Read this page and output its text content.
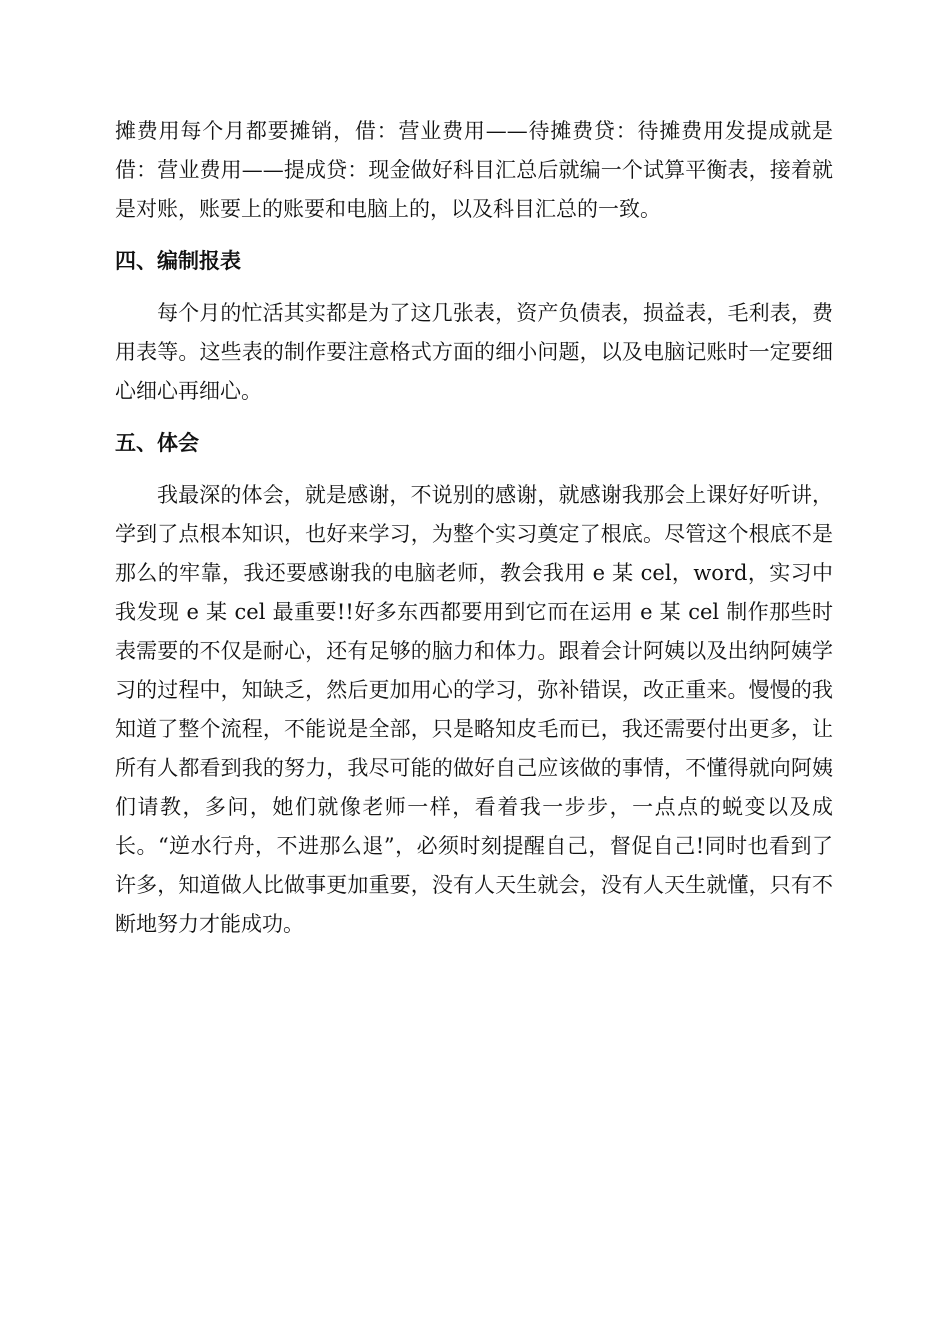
摊费用每个月都要摊销，借：营业费用——待摊费贷：待摊费用发提成就是借：营业费用——提成贷：现金做好科目汇总后就编一个试算平衡表，接着就是对账，账要上的账要和电脑上的，以及科目汇总的一致。

四、编制报表

每个月的忙活其实都是为了这几张表，资产负债表，损益表，毛利表，费用表等。这些表的制作要注意格式方面的细小问题，以及电脑记账时一定要细心细心再细心。

五、体会

我最深的体会，就是感谢，不说别的感谢，就感谢我那会上课好好听讲，学到了点根本知识，也好来学习，为整个实习奠定了根底。尽管这个根底不是那么的牢靠，我还要感谢我的电脑老师，教会我用 e 某 cel，word，实习中我发现 e 某 cel 最重要!!好多东西都要用到它而在运用 e 某 cel 制作那些时表需要的不仅是耐心，还有足够的脑力和体力。跟着会计阿姨以及出纳阿姨学习的过程中，知缺乏，然后更加用心的学习，弥补错误，改正重来。慢慢的我知道了整个流程，不能说是全部，只是略知皮毛而已，我还需要付出更多，让所有人都看到我的努力，我尽可能的做好自己应该做的事情，不懂得就向阿姨们请教，多问，她们就像老师一样，看着我一步步，一点点的蜕变以及成长。“逆水行舟，不进那么退”，必须时刻提醒自己，督促自己!同时也看到了许多，知道做人比做事更加重要，没有人天生就会，没有人天生就懂，只有不断地努力才能成功。
